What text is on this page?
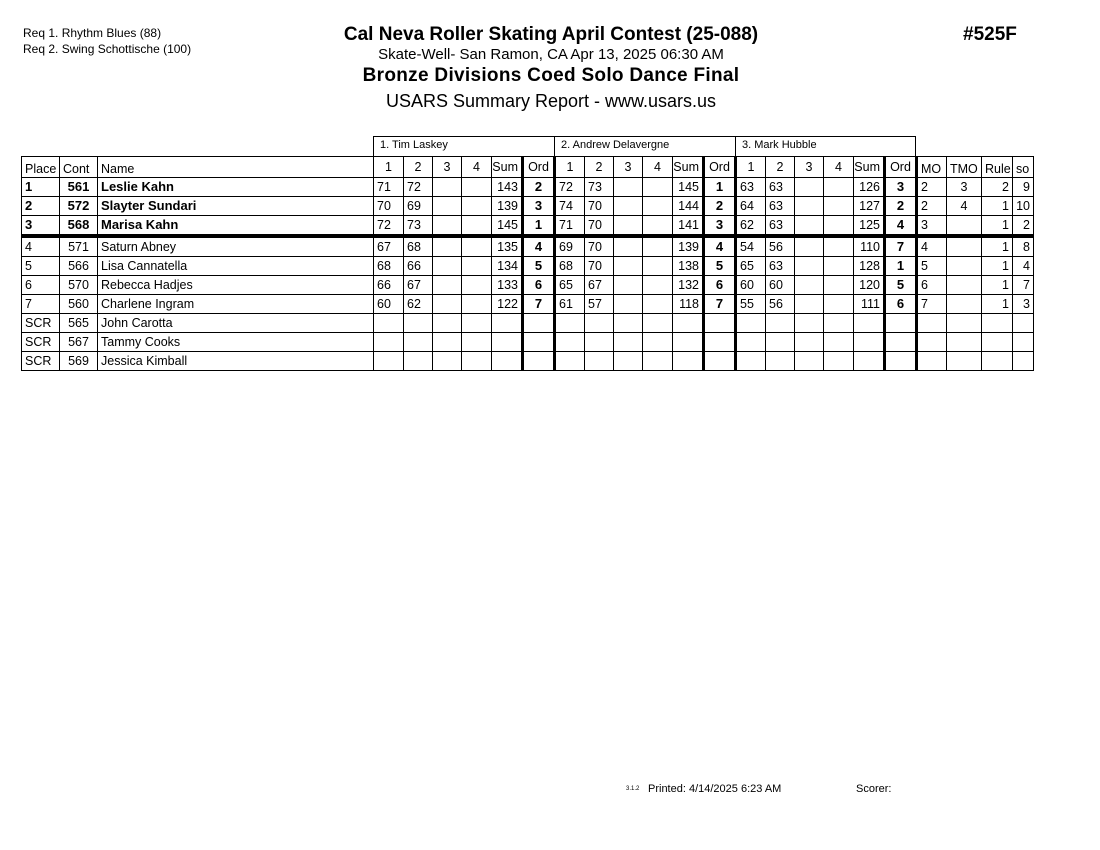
Req 1. Rhythm Blues (88)
Req 2. Swing Schottische (100)
Cal Neva Roller Skating April Contest (25-088)
Skate-Well- San Ramon, CA Apr 13, 2025 06:30 AM
Bronze Divisions Coed Solo Dance Final
USARS Summary Report - www.usars.us
#525F
1. Tim Laskey	2. Andrew Delavergne	3. Mark Hubble
Place	Cont	Name	1	2	3	4	Sum	Ord	1	2	3	4	Sum	Ord	1	2	3	4	Sum	Ord	MO	TMO	Rule	so
1	561	Leslie Kahn	71	72			143	2	72	73			145	1	63	63			126	3	2	3	2	9
2	572	Slayter Sundari	70	69			139	3	74	70			144	2	64	63			127	2	2	4	1	10
3	568	Marisa Kahn	72	73			145	1	71	70			141	3	62	63			125	4	3		1	2
4	571	Saturn Abney	67	68			135	4	69	70			139	4	54	56			110	7	4		1	8
5	566	Lisa Cannatella	68	66			134	5	68	70			138	5	65	63			128	1	5		1	4
6	570	Rebecca Hadjes	66	67			133	6	65	67			132	6	60	60			120	5	6		1	7
7	560	Charlene Ingram	60	62			122	7	61	57			118	7	55	56			111	6	7		1	3
SCR	565	John Carotta																						
SCR	567	Tammy Cooks																						
SCR	569	Jessica Kimball																						
3.1.2 Printed: 4/14/2025 6:23 AM	Scorer:
